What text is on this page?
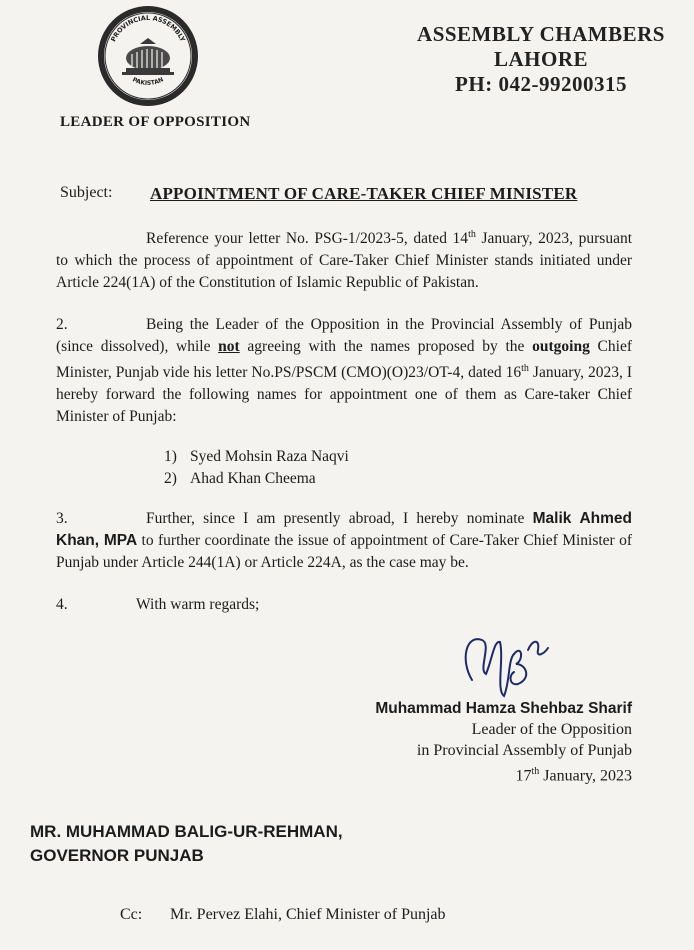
PROVINCIAL ASSEMBLY
PAKISTAN
ASSEMBLY CHAMBERS
LAHORE
PH: 042-99200315
LEADER OF OPPOSITION
Subject: APPOINTMENT OF CARE-TAKER CHIEF MINISTER
Reference your letter No. PSG-1/2023-5, dated 14th January, 2023, pursuant to which the process of appointment of Care-Taker Chief Minister stands initiated under Article 224(1A) of the Constitution of Islamic Republic of Pakistan.
2.	Being the Leader of the Opposition in the Provincial Assembly of Punjab (since dissolved), while not agreeing with the names proposed by the outgoing Chief Minister, Punjab vide his letter No.PS/PSCM (CMO)(O)23/OT-4, dated 16th January, 2023, I hereby forward the following names for appointment one of them as Care-taker Chief Minister of Punjab:
1) Syed Mohsin Raza Naqvi
2) Ahad Khan Cheema
3.	Further, since I am presently abroad, I hereby nominate Malik Ahmed Khan, MPA to further coordinate the issue of appointment of Care-Taker Chief Minister of Punjab under Article 244(1A) or Article 224A, as the case may be.
4.	With warm regards;
Muhammad Hamza Shehbaz Sharif
Leader of the Opposition
in Provincial Assembly of Punjab
17th January, 2023
MR. MUHAMMAD BALIG-UR-REHMAN,
GOVERNOR PUNJAB
Cc: Mr. Pervez Elahi, Chief Minister of Punjab
